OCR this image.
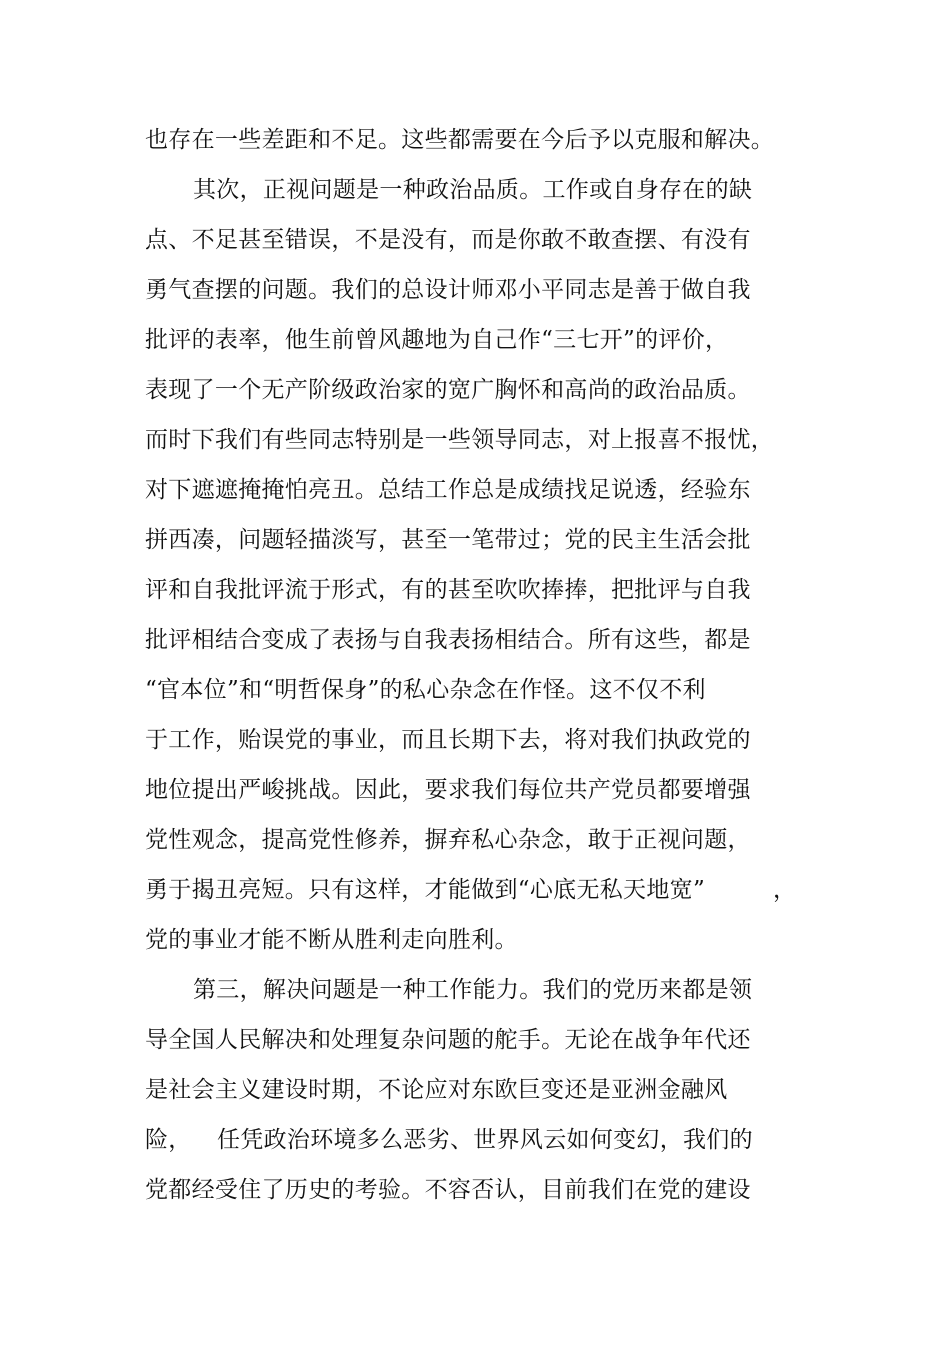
也存在一些差距和不足。这些都需要在今后予以克服和解决。
其次，正视问题是一种政治品质。工作或自身存在的缺
点、不足甚至错误，不是没有，而是你敢不敢查摆、有没有
勇气查摆的问题。我们的总设计师邓小平同志是善于做自我
批评的表率，他生前曾风趣地为自己作“三七开”的评价，
表现了一个无产阶级政治家的宽广胸怀和高尚的政治品质。
而时下我们有些同志特别是一些领导同志，对上报喜不报忧，
对下遮遮掩掩怕亮丑。总结工作总是成绩找足说透，经验东
拼西凑，问题轻描淡写，甚至一笔带过；党的民主生活会批
评和自我批评流于形式，有的甚至吹吹捧捧，把批评与自我
批评相结合变成了表扬与自我表扬相结合。所有这些，都是
“官本位”和“明哲保身”的私心杂念在作怪。这不仅不利
于工作，贻误党的事业，而且长期下去，将对我们执政党的
地位提出严峻挑战。因此，要求我们每位共产党员都要增强
党性观念，提高党性修养，摒弃私心杂念，敢于正视问题，
勇于揭丑亮短。只有这样，才能做到“心底无私天地宽”	，
党的事业才能不断从胜利走向胜利。
第三，解决问题是一种工作能力。我们的党历来都是领
导全国人民解决和处理复杂问题的舵手。无论在战争年代还
是社会主义建设时期，不论应对东欧巨变还是亚洲金融风
险， 任凭政治环境多么恶劣、世界风云如何变幻，我们的
党都经受住了历史的考验。不容否认，目前我们在党的建设
